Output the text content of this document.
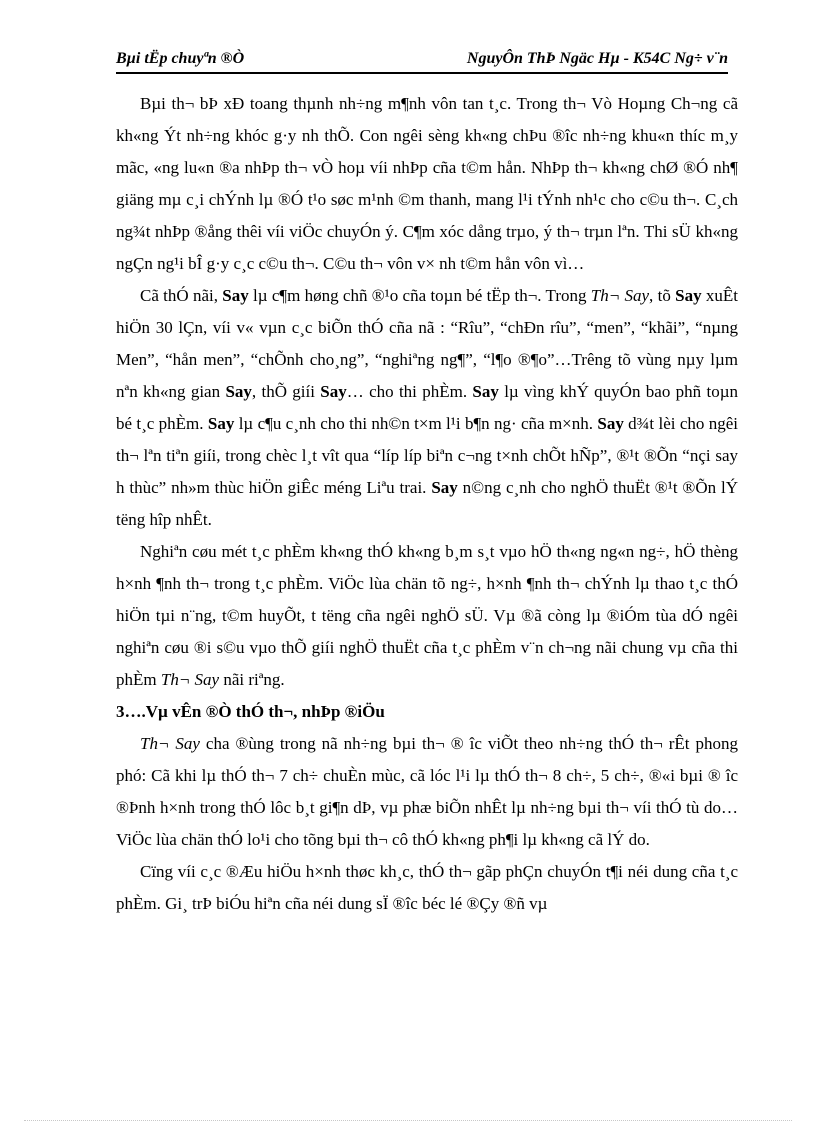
Bµi tËp chuyªn ®Ò	NguyÔn ThÞ Ngäc Hµ - K54C Ng÷ v¨n

Bµi th¬ bÞ xÐ toang thµnh nh÷ng m¶nh vôn tan t¸c. Trong th¬ Vò Hoµng Ch¬ng cã kh«ng Ýt nh÷ng khóc g·y nh thÕ. Con ngêi sèng kh«ng chÞu ®îc nh÷ng khu«n thíc m¸y mãc, «ng lu«n ®a nhÞp th¬ vÒ hoµ víi nhÞp cña t©m hån. NhÞp th¬ kh«ng chØ ®Ó nh¶ giäng mµ c¸i chÝnh lµ ®Ó t¹o søc m¹nh ©m thanh, mang l¹i tÝnh nh¹c cho c©u th¬. C¸ch ng¾t nhÞp ®ång thêi víi viÖc chuyÓn ý. C¶m xóc dång trµo, ý th¬ trµn lªn. Thi sÜ kh«ng ngÇn ng¹i bÎ g·y c¸c c©u th¬. C©u th¬ vôn v× nh t©m hån vôn vì…

Cã thÓ nãi, Say lµ c¶m høng chñ ®¹o cña toµn bé tËp th¬. Trong Th¬ Say, tõ Say xuÊt hiÖn 30 lÇn, víi v« vµn c¸c biÕn thÓ cña nã : “Rîu”, “chÐn rîu”, “men”, “khãi”, “nµng Men”, “hån men”, “chÕnh cho¸ng”, “nghiªng ng¶”, “l¶o ®¶o”…Trêng tõ vùng nµy lµm nªn kh«ng gian Say, thÕ giíi Say… cho thi phÈm. Say lµ vìng khÝ quyÓn bao phñ toµn bé t¸c phÈm. Say lµ c¶u c¸nh cho thi nh©n t×m l¹i b¶n ng· cña m×nh. Say d¾t lèi cho ngêi th¬ lªn tiªn giíi, trong chèc l¸t vît qua “líp líp biªn c¬ng t×nh chÕt hÑp”, ®¹t ®Õn “nçi say h thùc” nh»m thùc hiÖn giÊc méng Liªu trai. Say n©ng c¸nh cho nghÖ thuËt ®¹t ®Õn lÝ tëng hîp nhÊt.

Nghiªn cøu mét t¸c phÈm kh«ng thÓ kh«ng b¸m s¸t vµo hÖ th«ng ng«n ng÷, hÖ thèng h×nh ¶nh th¬ trong t¸c phÈm. ViÖc lùa chän tõ ng÷, h×nh ¶nh th¬ chÝnh lµ thao t¸c thÓ hiÖn tµi n¨ng, t©m huyÕt, t tëng cña ngêi nghÖ sÜ. Vµ ®ã còng lµ ®iÓm tùa dÓ ngêi nghiªn cøu ®i s©u vµo thÕ giíi nghÖ thuËt cña t¸c phÈm v¨n ch¬ng nãi chung vµ cña thi phÈm Th¬ Say nãi riªng.

3….Vµ vÊn ®Ò thÓ th¬, nhÞp ®iÖu

Th¬ Say cha ®ùng trong nã nh÷ng bµi th¬ ® îc viÕt theo nh÷ng thÓ th¬ rÊt phong phó: Cã khi lµ thÓ th¬ 7 ch÷ chuÈn mùc, cã lóc l¹i lµ thÓ th¬ 8 ch÷, 5 ch÷, ®«i bµi ® îc ®Þnh h×nh trong thÓ lôc b¸t gi¶n dÞ, vµ phæ biÕn nhÊt lµ nh÷ng bµi th¬ víi thÓ tù do…ViÖc lùa chän thÓ lo¹i cho tõng bµi th¬ cô thÓ kh«ng ph¶i lµ kh«ng cã lÝ do.

Cïng víi c¸c ®Æu hiÖu h×nh thøc kh¸c, thÓ th¬ gãp phÇn chuyÓn t¶i néi dung cña t¸c phÈm. Gi¸ trÞ biÓu hiªn cña néi dung sÏ ®îc béc lé ®Çy ®ñ vµ
